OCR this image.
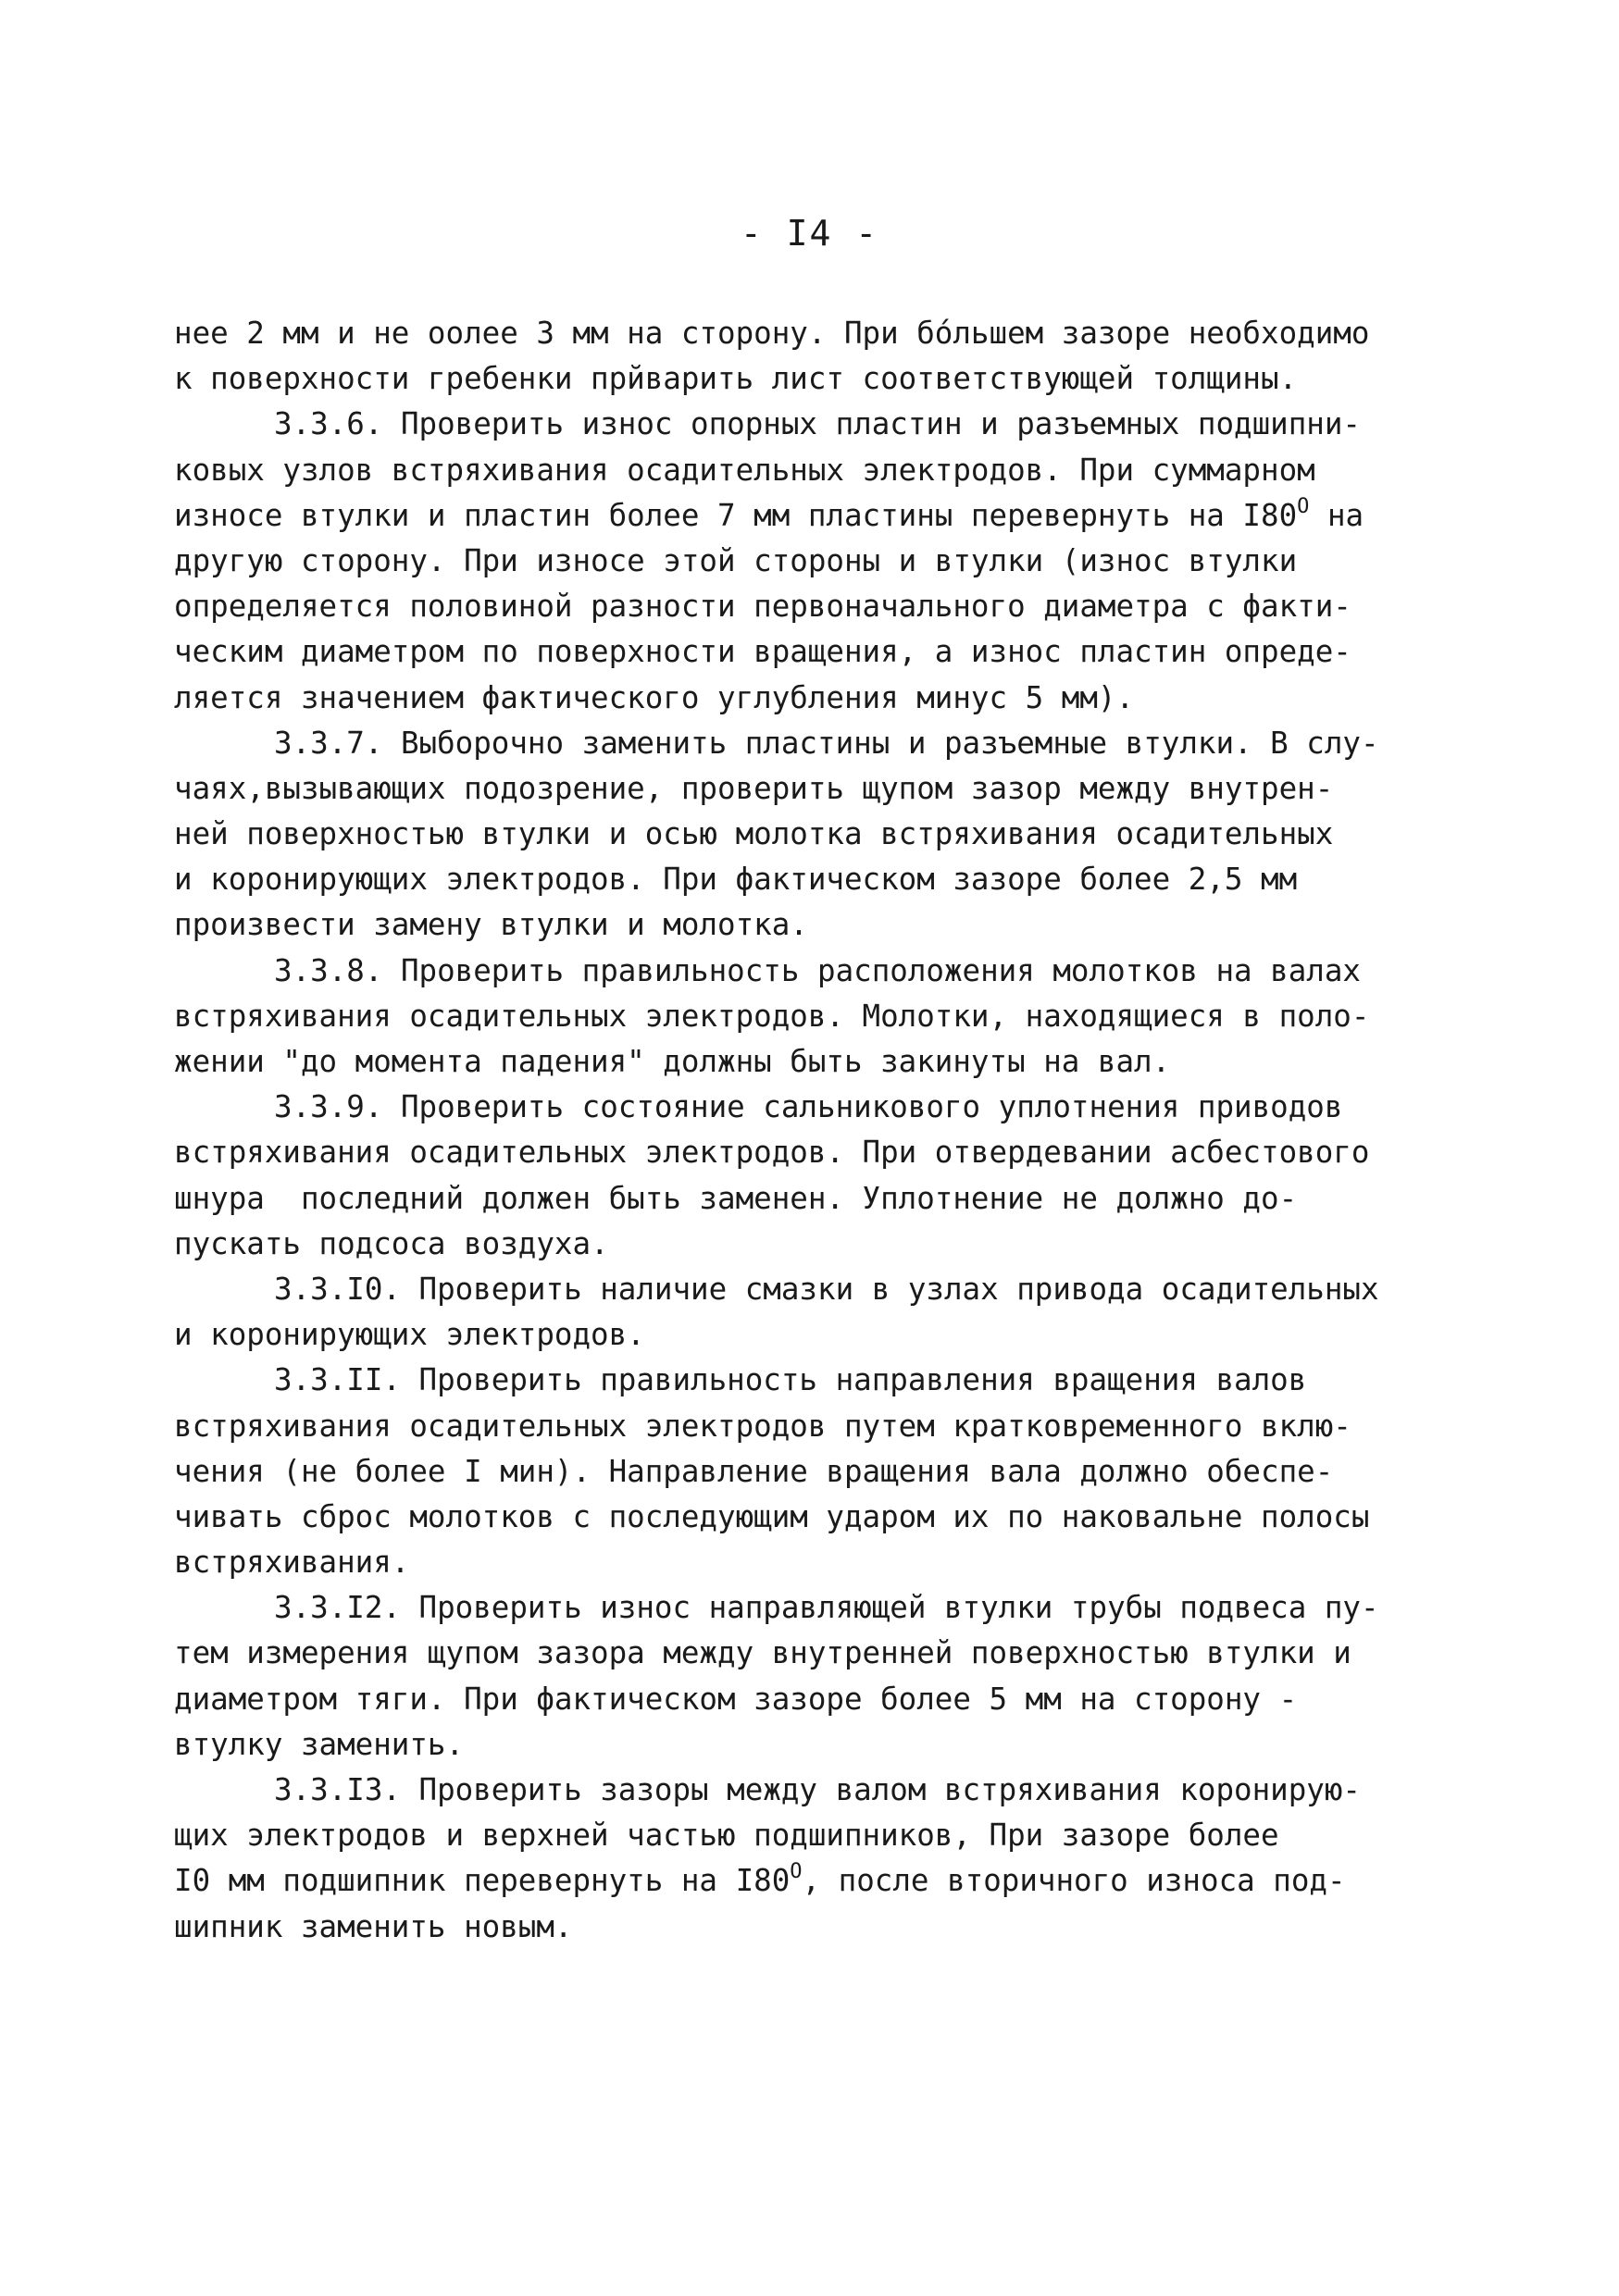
- I4 -
нее 2 мм и не oолее 3 мм на сторону. При бо́льшем зазоре необходимо
к поверхности гребенки прйварить лист соответствующей толщины.
3.3.6. Проверить износ опорных пластин и разъемных подшипни-
ковых узлов встряхивания осадительных электродов. При суммарном
износе втулки и пластин более 7 мм пластины перевернуть на $I80^О$ на
другую сторону. При износе этой стороны и втулки (износ втулки
определяется половиной разности первоначального диаметра с факти-
ческим диаметром по поверхности вращения, а износ пластин опреде-
ляется значением фактического углубления минус 5 мм).
3.3.7. Выборочно заменить пластины и разъемные втулки. В слу-
чаях,вызывающих подозрение, проверить щупом зазор между внутрен-
ней поверхностью втулки и осью молотка встряхивания осадительных
и коронирующих электродов. При фактическом зазоре более 2,5 мм
произвести замену втулки и молотка.
3.3.8. Проверить правильность расположения молотков на валах
встряхивания осадительных электродов. Молотки, находящиеся в поло-
жении "до момента падения" должны быть закинуты на вал.
3.3.9. Проверить состояние сальникового уплотнения приводов
встряхивания осадительных электродов. При отвердевании асбестового
шнура  последний должен быть заменен. Уплотнение не должно до-
пускать подсоса воздуха.
3.3.I0. Проверить наличие смазки в узлах привода осадительных
и коронирующих электродов.
3.3.II. Проверить правильность направления вращения валов
встряхивания осадительных электродов путем кратковременного вклю-
чения (не более I мин). Направление вращения вала должно обеспе-
чивать сброс молотков с последующим ударом их по наковальне полосы
встряхивания.
3.3.I2. Проверить износ направляющей втулки трубы подвеса пу-
тем измерения щупом зазора между внутренней поверхностью втулки и
диаметром тяги. При фактическом зазоре более 5 мм на сторону -
втулку заменить.
3.3.I3. Проверить зазоры между валом встряхивания коронирую-
щих электродов и верхней частью подшипников, При зазоре более
I0 мм подшипник перевернуть на $I80^О$, после вторичного износа под-
шипник заменить новым.
